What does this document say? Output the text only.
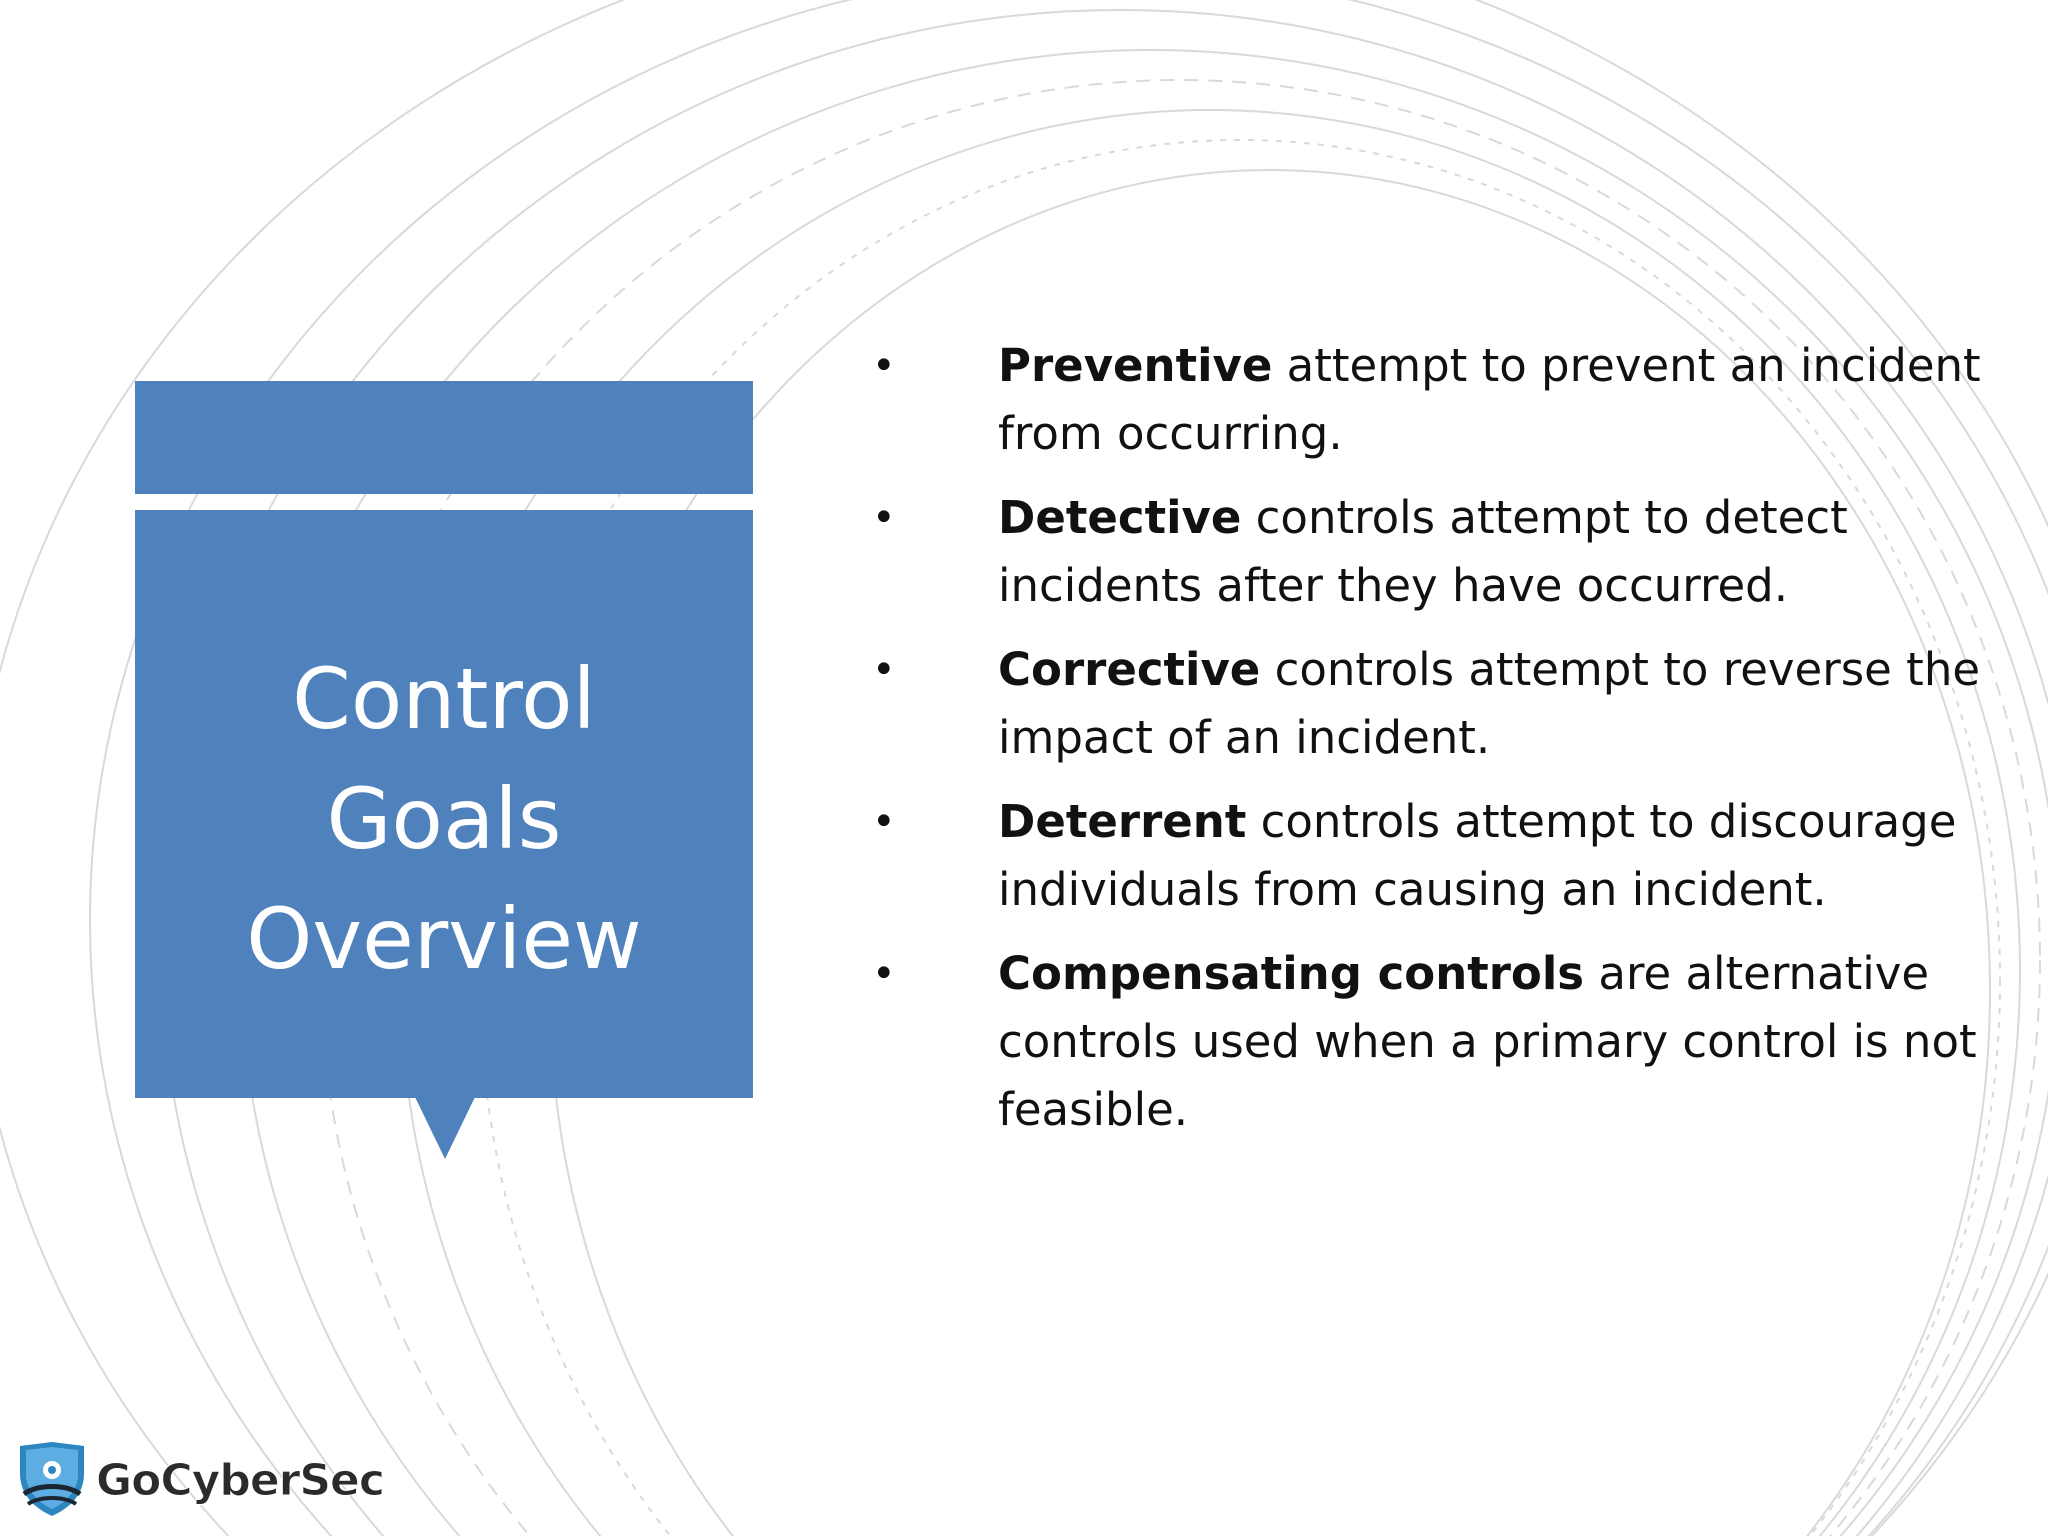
Control
Goals
Overview
• Preventive attempt to prevent an incident from occurring.
• Detective controls attempt to detect incidents after they have occurred.
• Corrective controls attempt to reverse the impact of an incident.
• Deterrent controls attempt to discourage individuals from causing an incident.
• Compensating controls are alternative controls used when a primary control is not feasible.
GoCyberSec
